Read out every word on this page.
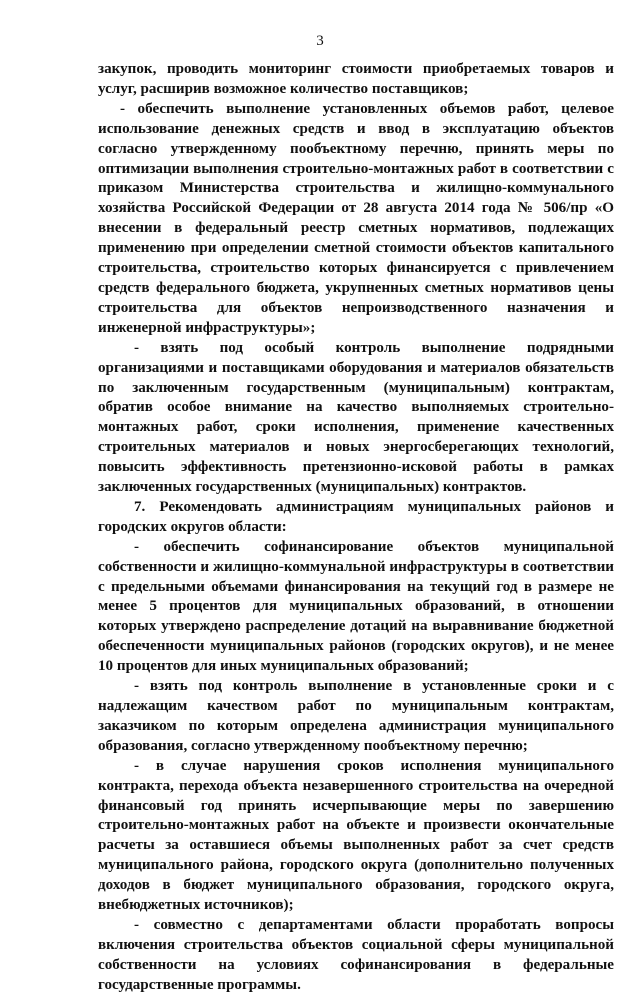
3

закупок, проводить мониторинг стоимости приобретаемых товаров и услуг, расширив возможное количество поставщиков;

- обеспечить выполнение установленных объемов работ, целевое использование денежных средств и ввод в эксплуатацию объектов согласно утвержденному пообъектному перечню, принять меры по оптимизации выполнения строительно-монтажных работ в соответствии с приказом Министерства строительства и жилищно-коммунального хозяйства Российской Федерации от 28 августа 2014 года № 506/пр «О внесении в федеральный реестр сметных нормативов, подлежащих применению при определении сметной стоимости объектов капитального строительства, строительство которых финансируется с привлечением средств федерального бюджета, укрупненных сметных нормативов цены строительства для объектов непроизводственного назначения и инженерной инфраструктуры»;

- взять под особый контроль выполнение подрядными организациями и поставщиками оборудования и материалов обязательств по заключенным государственным (муниципальным) контрактам, обратив особое внимание на качество выполняемых строительно-монтажных работ, сроки исполнения, применение качественных строительных материалов и новых энергосберегающих технологий, повысить эффективность претензионно-исковой работы в рамках заключенных государственных (муниципальных) контрактов.

7. Рекомендовать администрациям муниципальных районов и городских округов области:

- обеспечить софинансирование объектов муниципальной собственности и жилищно-коммунальной инфраструктуры в соответствии с предельными объемами финансирования на текущий год в размере не менее 5 процентов для муниципальных образований, в отношении которых утверждено распределение дотаций на выравнивание бюджетной обеспеченности муниципальных районов (городских округов), и не менее 10 процентов для иных муниципальных образований;

- взять под контроль выполнение в установленные сроки и с надлежащим качеством работ по муниципальным контрактам, заказчиком по которым определена администрация муниципального образования, согласно утвержденному пообъектному перечню;

- в случае нарушения сроков исполнения муниципального контракта, перехода объекта незавершенного строительства на очередной финансовый год принять исчерпывающие меры по завершению строительно-монтажных работ на объекте и произвести окончательные расчеты за оставшиеся объемы выполненных работ за счет средств муниципального района, городского округа (дополнительно полученных доходов в бюджет муниципального образования, городского округа, внебюджетных источников);

- совместно с департаментами области проработать вопросы включения строительства объектов социальной сферы муниципальной собственности на условиях софинансирования в федеральные государственные программы.
